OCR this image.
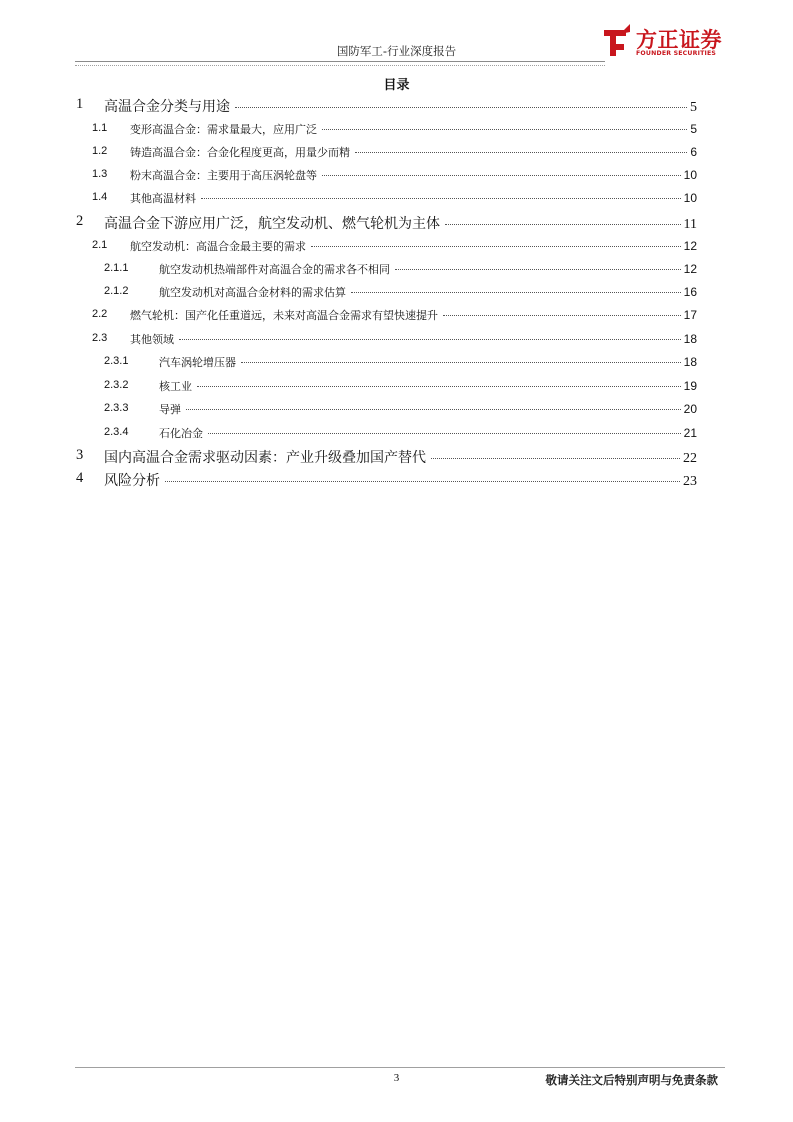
国防军工-行业深度报告	方正证券
FOUNDER SECURITIES
目录
1 高温合金分类与用途	5
1.1 变形高温合金：需求量最大，应用广泛	5
1.2 铸造高温合金：合金化程度更高，用量少而精	6
1.3 粉末高温合金：主要用于高压涡轮盘等	10
1.4 其他高温材料	10
2 高温合金下游应用广泛，航空发动机、燃气轮机为主体	11
2.1 航空发动机：高温合金最主要的需求	12
2.1.1	航空发动机热端部件对高温合金的需求各不相同	12
2.1.2	航空发动机对高温合金材料的需求估算	16
2.2 燃气轮机：国产化任重道远，未来对高温合金需求有望快速提升	17
2.3 其他领域	18
2.3.1	汽车涡轮增压器	18
2.3.2	核工业	19
2.3.3	导弹	20
2.3.4	石化冶金	21
3 国内高温合金需求驱动因素：产业升级叠加国产替代	22
4 风险分析	23
3	敬请关注文后特别声明与免责条款
